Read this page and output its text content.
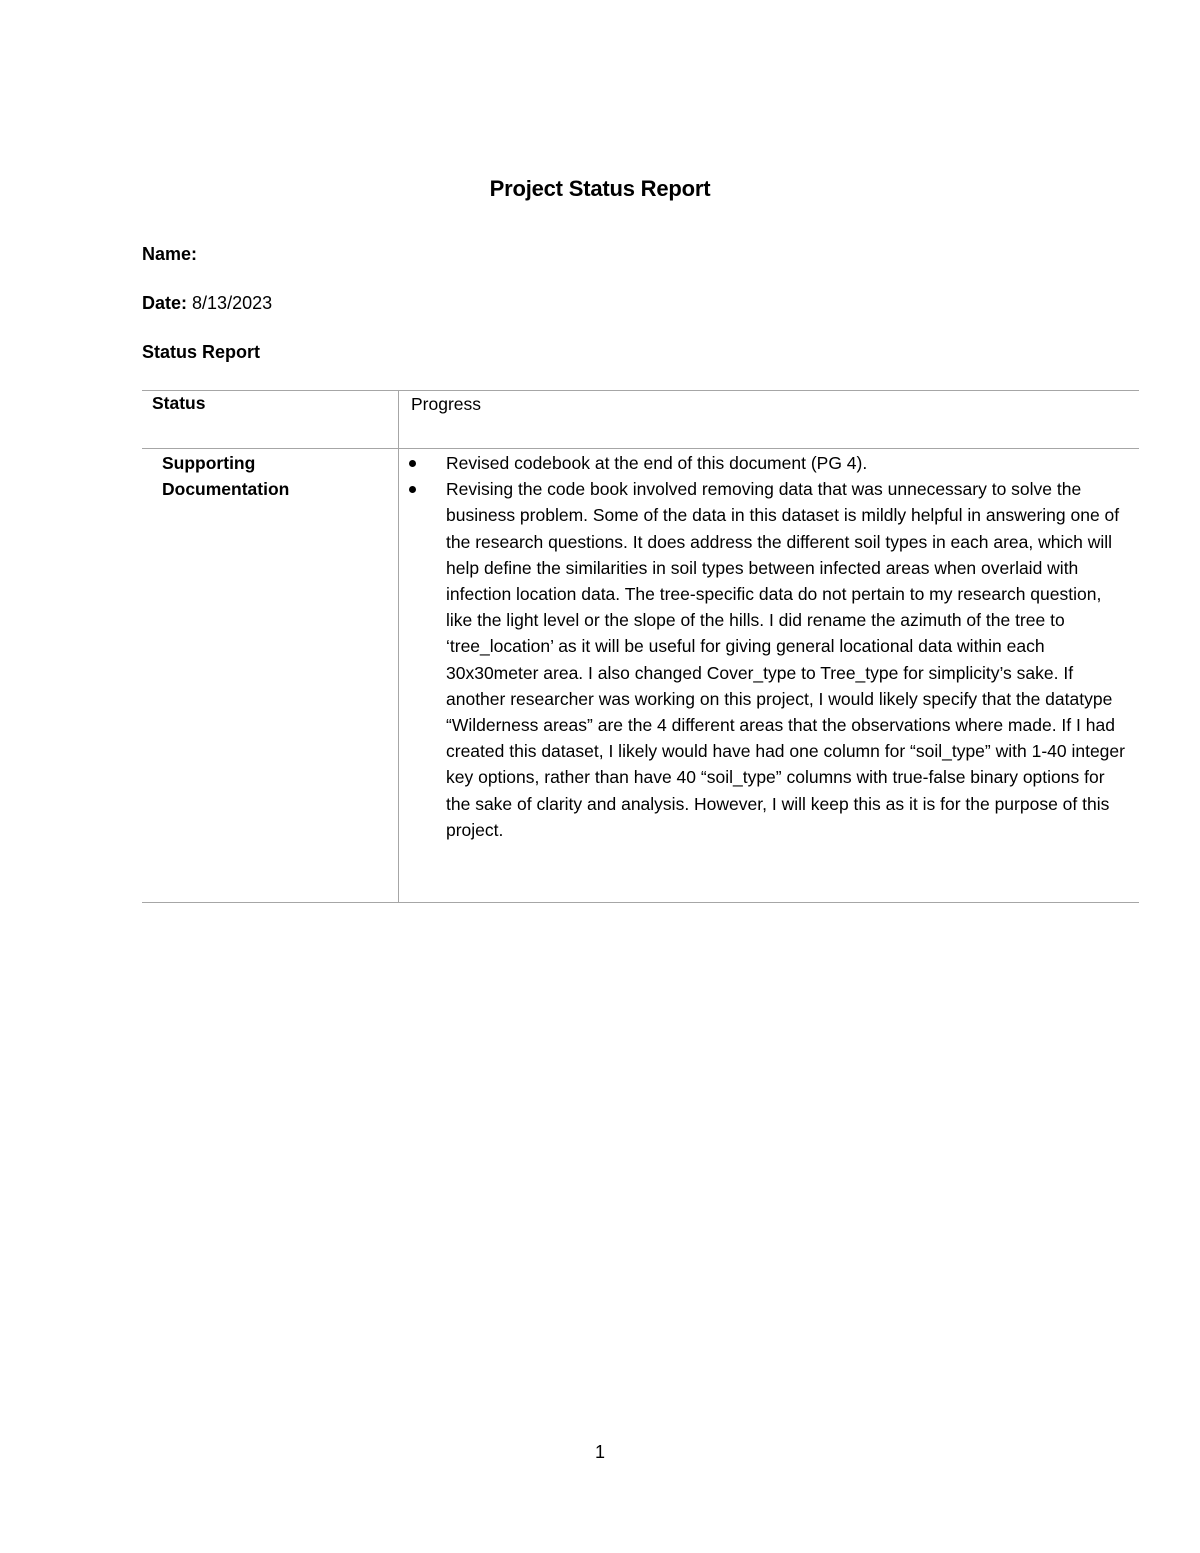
Project Status Report
Name:
Date: 8/13/2023
Status Report
Status	Progress
Supporting Documentation
Revised codebook at the end of this document (PG 4).
Revising the code book involved removing data that was unnecessary to solve the business problem. Some of the data in this dataset is mildly helpful in answering one of the research questions. It does address the different soil types in each area, which will help define the similarities in soil types between infected areas when overlaid with infection location data. The tree-specific data do not pertain to my research question, like the light level or the slope of the hills. I did rename the azimuth of the tree to ‘tree_location’ as it will be useful for giving general locational data within each 30x30meter area. I also changed Cover_type to Tree_type for simplicity’s sake. If another researcher was working on this project, I would likely specify that the datatype “Wilderness areas” are the 4 different areas that the observations where made. If I had created this dataset, I likely would have had one column for “soil_type” with 1-40 integer key options, rather than have 40 “soil_type” columns with true-false binary options for the sake of clarity and analysis. However, I will keep this as it is for the purpose of this project.
1
